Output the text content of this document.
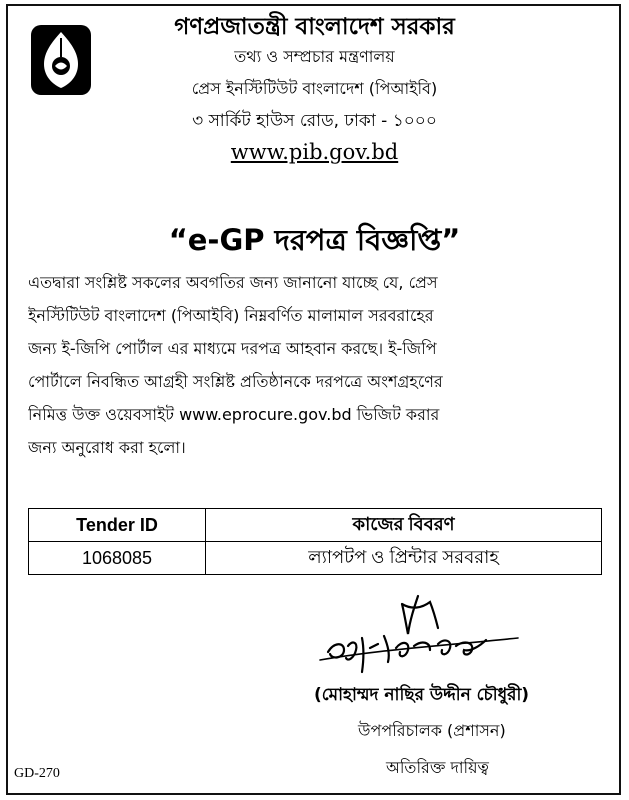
গণপ্রজাতন্ত্রী বাংলাদেশ সরকার
তথ্য ও সম্প্রচার মন্ত্রণালয়
প্রেস ইনস্টিটিউট বাংলাদেশ (পিআইবি)
৩ সার্কিট হাউস রোড, ঢাকা - ১০০০
www.pib.gov.bd
“e-GP দরপত্র বিজ্ঞপ্তি”
এতদ্বারা সংশ্লিষ্ট সকলের অবগতির জন্য জানানো যাচ্ছে যে, প্রেস
ইনস্টিটিউট বাংলাদেশ (পিআইবি) নিম্নবর্ণিত মালামাল সরবরাহের
জন্য ই-জিপি পোর্টাল এর মাধ্যমে দরপত্র আহবান করছে। ই-জিপি
পোর্টালে নিবন্ধিত আগ্রহী সংশ্লিষ্ট প্রতিষ্ঠানকে দরপত্রে অংশগ্রহণের
নিমিত্ত উক্ত ওয়েবসাইট www.eprocure.gov.bd ভিজিট করার
জন্য অনুরোধ করা হলো।
Tender ID	কাজের বিবরণ
1068085	ল্যাপটপ ও প্রিন্টার সরবরাহ
(মোহাম্মদ নাছির উদ্দীন চৌধুরী)
উপপরিচালক (প্রশাসন)
অতিরিক্ত দায়িত্ব
GD-270
